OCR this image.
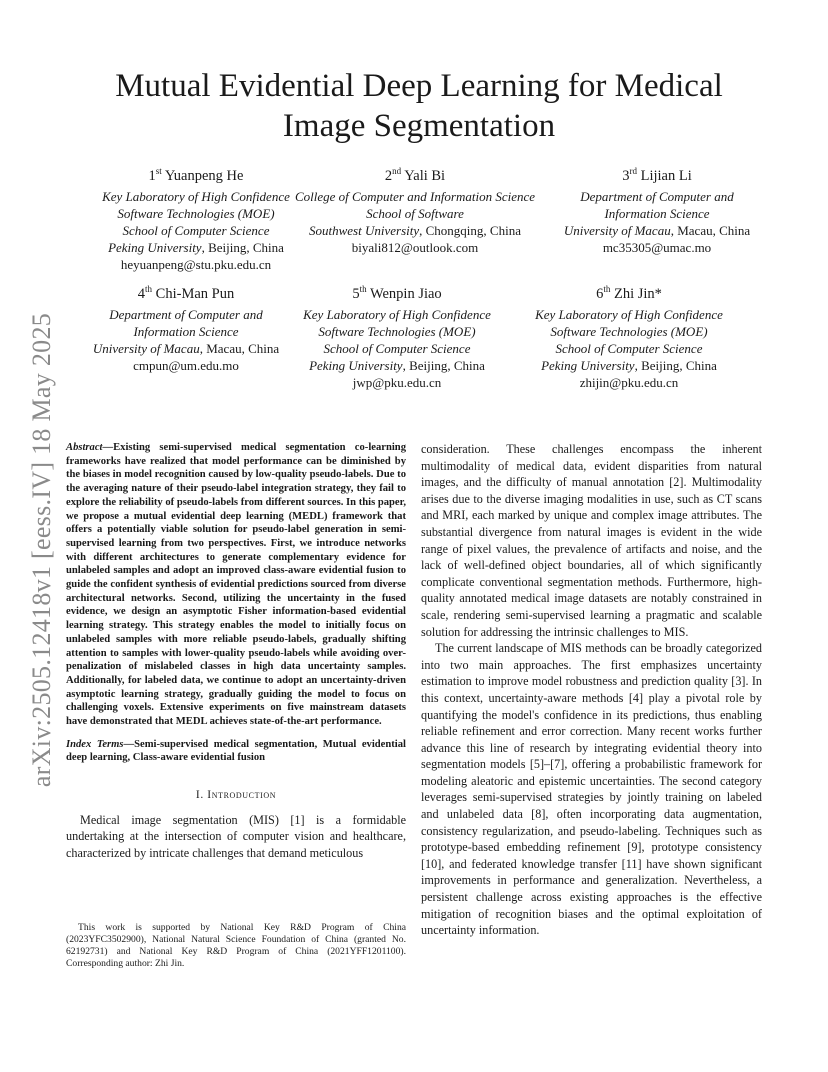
arXiv:2505.12418v1 [eess.IV] 18 May 2025
Mutual Evidential Deep Learning for Medical
Image Segmentation
1st Yuanpeng He
Key Laboratory of High Confidence
Software Technologies (MOE)
School of Computer Science
Peking University, Beijing, China
heyuanpeng@stu.pku.edu.cn
2nd Yali Bi
College of Computer and Information Science
School of Software
Southwest University, Chongqing, China
biyali812@outlook.com
3rd Lijian Li
Department of Computer and
Information Science
University of Macau, Macau, China
mc35305@umac.mo
4th Chi-Man Pun
Department of Computer and
Information Science
University of Macau, Macau, China
cmpun@um.edu.mo
5th Wenpin Jiao
Key Laboratory of High Confidence
Software Technologies (MOE)
School of Computer Science
Peking University, Beijing, China
jwp@pku.edu.cn
6th Zhi Jin*
Key Laboratory of High Confidence
Software Technologies (MOE)
School of Computer Science
Peking University, Beijing, China
zhijin@pku.edu.cn
Abstract—Existing semi-supervised medical segmentation co-learning frameworks have realized that model performance can be diminished by the biases in model recognition caused by low-quality pseudo-labels. Due to the averaging nature of their pseudo-label integration strategy, they fail to explore the reliability of pseudo-labels from different sources. In this paper, we propose a mutual evidential deep learning (MEDL) framework that offers a potentially viable solution for pseudo-label generation in semi-supervised learning from two perspectives. First, we introduce networks with different architectures to generate complementary evidence for unlabeled samples and adopt an improved class-aware evidential fusion to guide the confident synthesis of evidential predictions sourced from diverse architectural networks. Second, utilizing the uncertainty in the fused evidence, we design an asymptotic Fisher information-based evidential learning strategy. This strategy enables the model to initially focus on unlabeled samples with more reliable pseudo-labels, gradually shifting attention to samples with lower-quality pseudo-labels while avoiding over-penalization of mislabeled classes in high data uncertainty samples. Additionally, for labeled data, we continue to adopt an uncertainty-driven asymptotic learning strategy, gradually guiding the model to focus on challenging voxels. Extensive experiments on five mainstream datasets have demonstrated that MEDL achieves state-of-the-art performance.
Index Terms—Semi-supervised medical segmentation, Mutual evidential deep learning, Class-aware evidential fusion
I. Introduction

Medical image segmentation (MIS) [1] is a formidable undertaking at the intersection of computer vision and healthcare, characterized by intricate challenges that demand meticulous

This work is supported by National Key R&D Program of China (2023YFC3502900), National Natural Science Foundation of China (granted No. 62192731) and National Key R&D Program of China (2021YFF1201100). Corresponding author: Zhi Jin.

consideration. These challenges encompass the inherent multimodality of medical data, evident disparities from natural images, and the difficulty of manual annotation [2]. Multimodality arises due to the diverse imaging modalities in use, such as CT scans and MRI, each marked by unique and complex image attributes. The substantial divergence from natural images is evident in the wide range of pixel values, the prevalence of artifacts and noise, and the lack of well-defined object boundaries, all of which significantly complicate conventional segmentation methods. Furthermore, high-quality annotated medical image datasets are notably constrained in scale, rendering semi-supervised learning a pragmatic and scalable solution for addressing the intrinsic challenges to MIS.

The current landscape of MIS methods can be broadly categorized into two main approaches. The first emphasizes uncertainty estimation to improve model robustness and prediction quality [3]. In this context, uncertainty-aware methods [4] play a pivotal role by quantifying the model's confidence in its predictions, thus enabling reliable refinement and error correction. Many recent works further advance this line of research by integrating evidential theory into segmentation models [5]–[7], offering a probabilistic framework for modeling aleatoric and epistemic uncertainties. The second category leverages semi-supervised strategies by jointly training on labeled and unlabeled data [8], often incorporating data augmentation, consistency regularization, and pseudo-labeling. Techniques such as prototype-based embedding refinement [9], prototype consistency [10], and federated knowledge transfer [11] have shown significant improvements in performance and generalization. Nevertheless, a persistent challenge across existing approaches is the effective mitigation of recognition biases and the optimal exploitation of uncertainty information.
